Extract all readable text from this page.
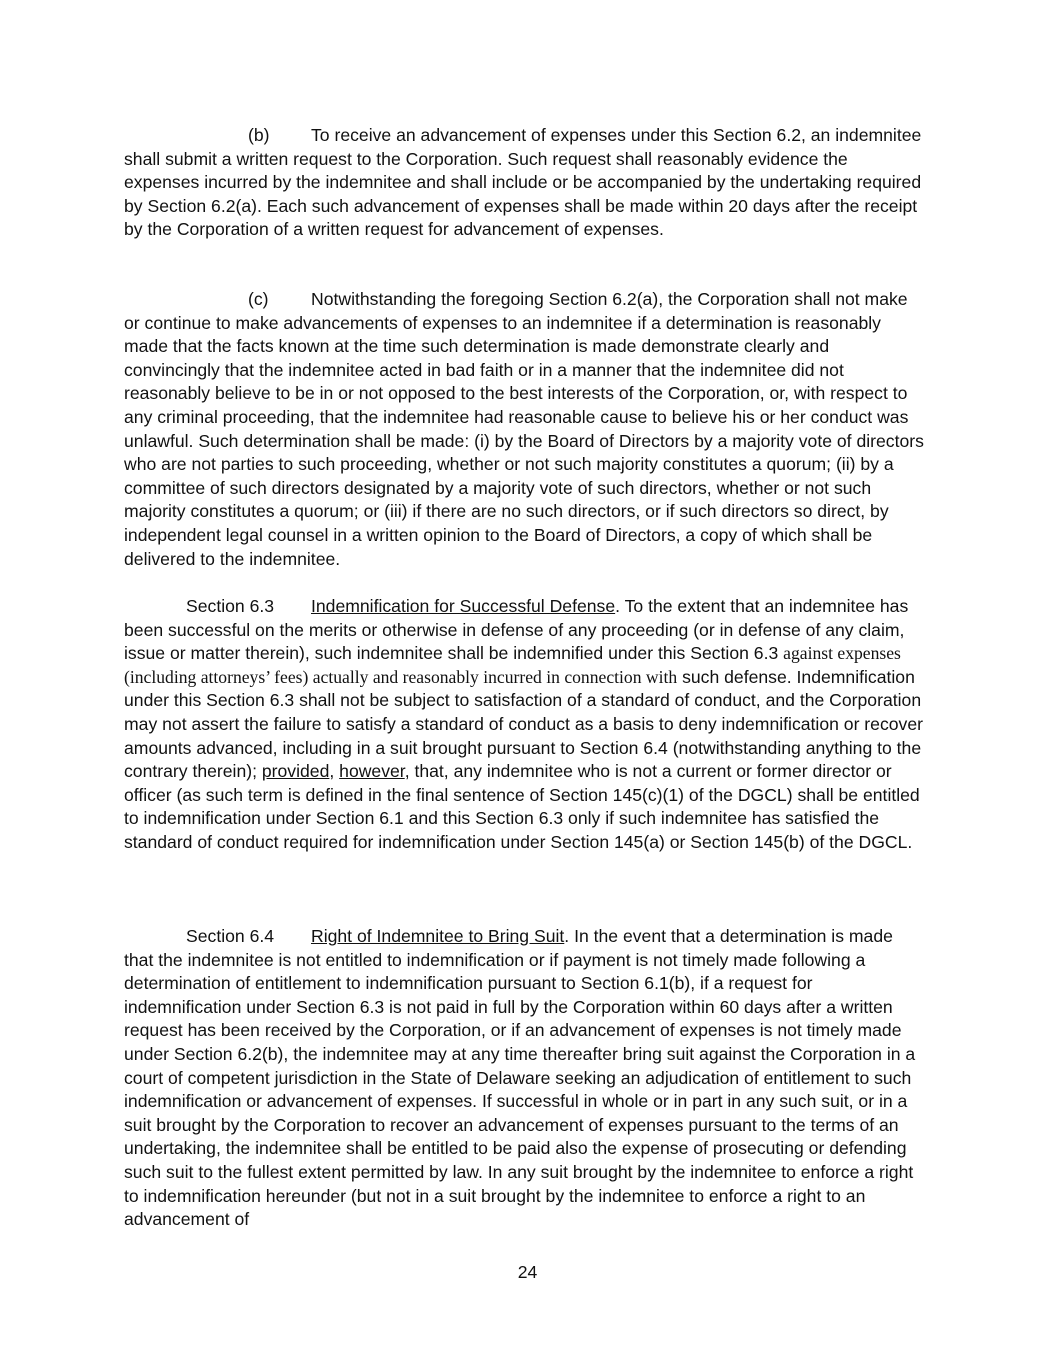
(b) To receive an advancement of expenses under this Section 6.2, an indemnitee shall submit a written request to the Corporation. Such request shall reasonably evidence the expenses incurred by the indemnitee and shall include or be accompanied by the undertaking required by Section 6.2(a). Each such advancement of expenses shall be made within 20 days after the receipt by the Corporation of a written request for advancement of expenses.

(c) Notwithstanding the foregoing Section 6.2(a), the Corporation shall not make or continue to make advancements of expenses to an indemnitee if a determination is reasonably made that the facts known at the time such determination is made demonstrate clearly and convincingly that the indemnitee acted in bad faith or in a manner that the indemnitee did not reasonably believe to be in or not opposed to the best interests of the Corporation, or, with respect to any criminal proceeding, that the indemnitee had reasonable cause to believe his or her conduct was unlawful. Such determination shall be made: (i) by the Board of Directors by a majority vote of directors who are not parties to such proceeding, whether or not such majority constitutes a quorum; (ii) by a committee of such directors designated by a majority vote of such directors, whether or not such majority constitutes a quorum; or (iii) if there are no such directors, or if such directors so direct, by independent legal counsel in a written opinion to the Board of Directors, a copy of which shall be delivered to the indemnitee.

Section 6.3 Indemnification for Successful Defense. To the extent that an indemnitee has been successful on the merits or otherwise in defense of any proceeding (or in defense of any claim, issue or matter therein), such indemnitee shall be indemnified under this Section 6.3 against expenses (including attorneys’ fees) actually and reasonably incurred in connection with such defense. Indemnification under this Section 6.3 shall not be subject to satisfaction of a standard of conduct, and the Corporation may not assert the failure to satisfy a standard of conduct as a basis to deny indemnification or recover amounts advanced, including in a suit brought pursuant to Section 6.4 (notwithstanding anything to the contrary therein); provided, however, that, any indemnitee who is not a current or former director or officer (as such term is defined in the final sentence of Section 145(c)(1) of the DGCL) shall be entitled to indemnification under Section 6.1 and this Section 6.3 only if such indemnitee has satisfied the standard of conduct required for indemnification under Section 145(a) or Section 145(b) of the DGCL.

Section 6.4 Right of Indemnitee to Bring Suit. In the event that a determination is made that the indemnitee is not entitled to indemnification or if payment is not timely made following a determination of entitlement to indemnification pursuant to Section 6.1(b), if a request for indemnification under Section 6.3 is not paid in full by the Corporation within 60 days after a written request has been received by the Corporation, or if an advancement of expenses is not timely made under Section 6.2(b), the indemnitee may at any time thereafter bring suit against the Corporation in a court of competent jurisdiction in the State of Delaware seeking an adjudication of entitlement to such indemnification or advancement of expenses. If successful in whole or in part in any such suit, or in a suit brought by the Corporation to recover an advancement of expenses pursuant to the terms of an undertaking, the indemnitee shall be entitled to be paid also the expense of prosecuting or defending such suit to the fullest extent permitted by law. In any suit brought by the indemnitee to enforce a right to indemnification hereunder (but not in a suit brought by the indemnitee to enforce a right to an advancement of

24
